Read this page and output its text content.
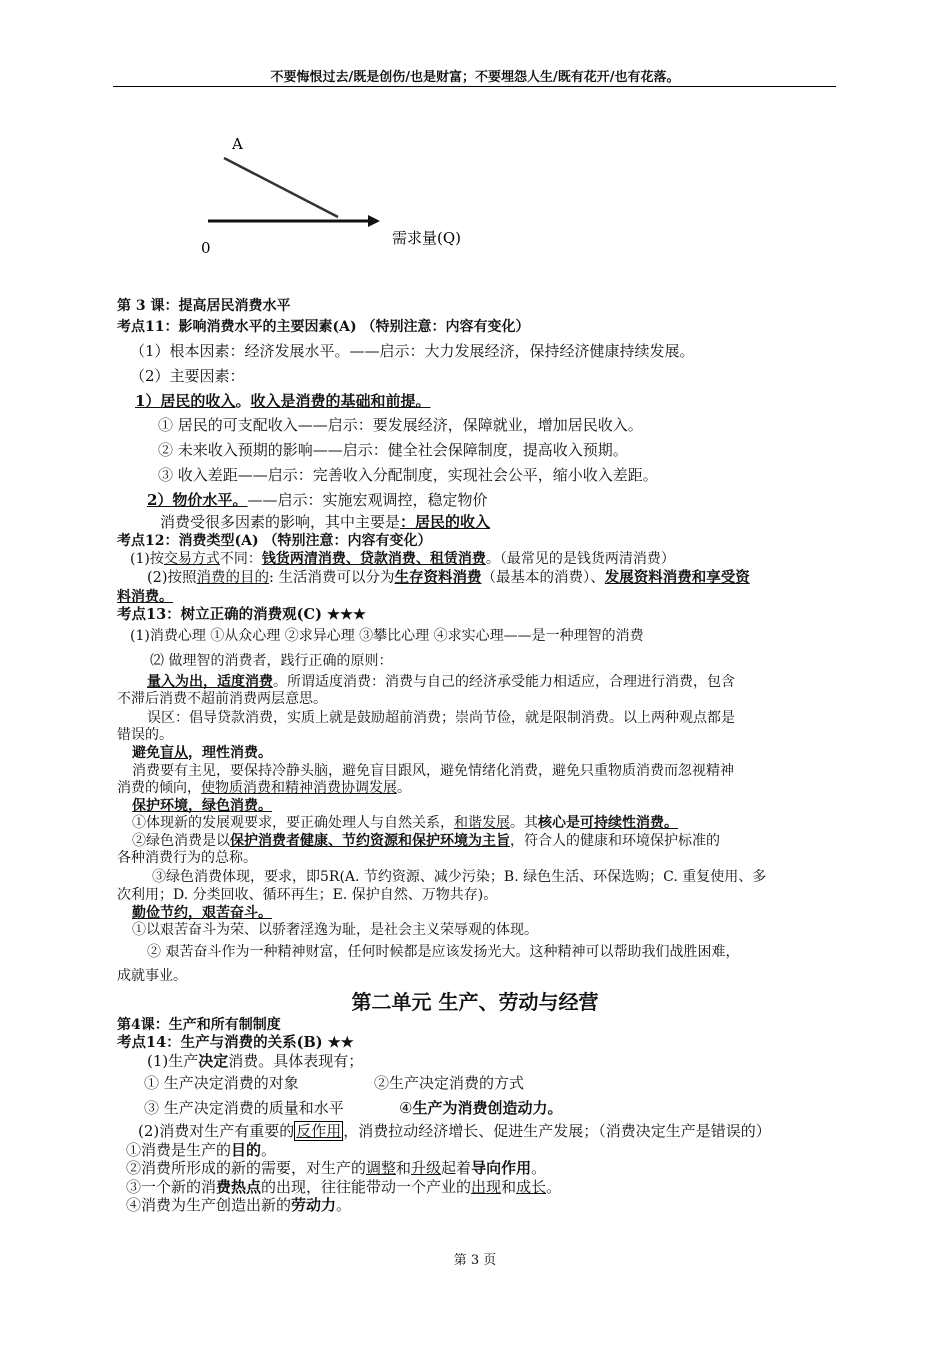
不要悔恨过去/既是创伤/也是财富；不要埋怨人生/既有花开/也有花落。
A
0
需求量(Q)
第 3 课：提高居民消费水平
考点11：影响消费水平的主要因素(A) （特别注意：内容有变化）
（1）根本因素：经济发展水平。——启示：大力发展经济，保持经济健康持续发展。
（2）主要因素：
1）居民的收入。收入是消费的基础和前提。
① 居民的可支配收入——启示：要发展经济，保障就业，增加居民收入。
② 未来收入预期的影响——启示：健全社会保障制度，提高收入预期。
③ 收入差距——启示：完善收入分配制度，实现社会公平，缩小收入差距。
2）物价水平。——启示：实施宏观调控，稳定物价
消费受很多因素的影响，其中主要是：居民的收入
考点12：消费类型(A) （特别注意：内容有变化）
(1)按交易方式不同：钱货两清消费、贷款消费、租赁消费。（最常见的是钱货两清消费）
(2)按照消费的目的: 生活消费可以分为生存资料消费（最基本的消费）、发展资料消费和享受资
料消费。
考点13：树立正确的消费观(C) ★★★
(1)消费心理 ①从众心理 ②求异心理 ③攀比心理 ④求实心理——是一种理智的消费
⑵ 做理智的消费者，践行正确的原则：
量入为出，适度消费。所谓适度消费：消费与自己的经济承受能力相适应，合理进行消费，包含
不滞后消费不超前消费两层意思。
误区：倡导贷款消费，实质上就是鼓励超前消费；崇尚节俭，就是限制消费。以上两种观点都是
错误的。
避免盲从，理性消费。
消费要有主见，要保持冷静头脑，避免盲目跟风，避免情绪化消费，避免只重物质消费而忽视精神
消费的倾向，使物质消费和精神消费协调发展。
保护环境，绿色消费。
①体现新的发展观要求，要正确处理人与自然关系，和谐发展。其核心是可持续性消费。
②绿色消费是以保护消费者健康、节约资源和保护环境为主旨，符合人的健康和环境保护标准的
各种消费行为的总称。
③绿色消费体现，要求，即5R(A. 节约资源、减少污染；B. 绿色生活、环保选购；C. 重复使用、多
次利用；D. 分类回收、循环再生；E. 保护自然、万物共存)。
勤俭节约，艰苦奋斗。
①以艰苦奋斗为荣、以骄奢淫逸为耻，是社会主义荣辱观的体现。
② 艰苦奋斗作为一种精神财富，任何时候都是应该发扬光大。这种精神可以帮助我们战胜困难，
成就事业。
第二单元 生产、劳动与经营
第4课：生产和所有制制度
考点14：生产与消费的关系(B) ★★
(1)生产决定消费。具体表现有；
① 生产决定消费的对象	②生产决定消费的方式
③ 生产决定消费的质量和水平	④生产为消费创造动力。
(2)消费对生产有重要的 反作用 ，消费拉动经济增长、促进生产发展；（消费决定生产是错误的）
①消费是生产的目的。
②消费所形成的新的需要，对生产的调整和升级起着导向作用。
③一个新的消费热点的出现，往往能带动一个产业的出现和成长。
④消费为生产创造出新的劳动力。
第 3 页
